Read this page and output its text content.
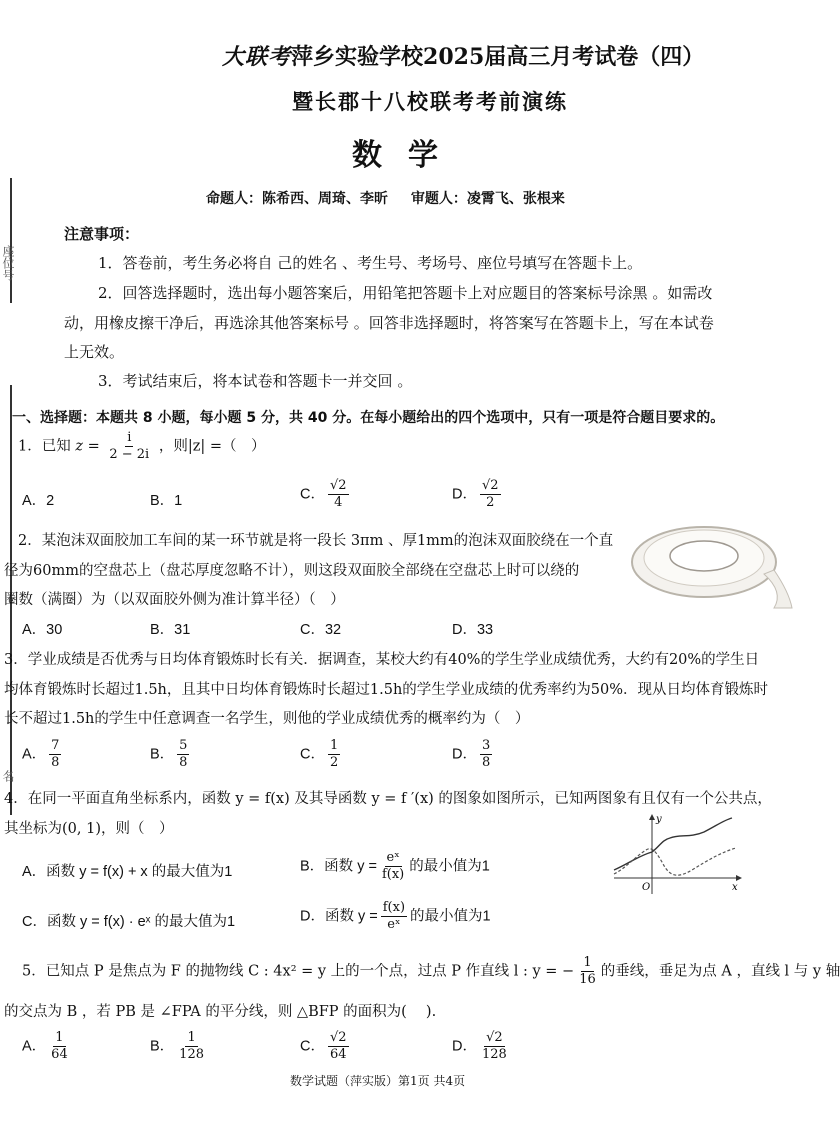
座位号
名
大联考萍乡实验学校2025届高三月考试卷（四）
暨长郡十八校联考考前演练
数学
命题人：陈希西、周琦、李昕　 审题人：凌霄飞、张根来
注意事项：
1．答卷前，考生务必将自 己的姓名 、考生号、考场号、座位号填写在答题卡上。
2．回答选择题时，选出每小题答案后，用铅笔把答题卡上对应题目的答案标号涂黑 。如需改
动，用橡皮擦干净后，再选涂其他答案标号 。回答非选择题时，将答案写在答题卡上，写在本试卷
上无效。
3．考试结束后，将本试卷和答题卡一并交回 。
一、选择题：本题共 8 小题，每小题 5 分，共 40 分。在每小题给出的四个选项中，只有一项是符合题目要求的。
1．已知 $z = \frac{i}{2 - 2i}$ ，则|z| =（　）
A．2	B．1	C． $\frac{√2}{4}$	D． $\frac{√2}{2}$
2．某泡沫双面胶加工车间的某一环节就是将一段长 3πm 、厚1mm的泡沫双面胶绕在一个直
径为60mm的空盘芯上（盘芯厚度忽略不计），则这段双面胶全部绕在空盘芯上时可以绕的
圈数（满圈）为（以双面胶外侧为准计算半径）（　）
A．30	B．31	C．32	D．33
3．学业成绩是否优秀与日均体育锻炼时长有关．据调查，某校大约有40%的学生学业成绩优秀，大约有20%的学生日
均体育锻炼时长超过1.5h，且其中日均体育锻炼时长超过1.5h的学生学业成绩的优秀率约为50%．现从日均体育锻炼时
长不超过1.5h的学生中任意调查一名学生，则他的学业成绩优秀的概率约为（　）
A． $\frac{7}{8}$	B． $\frac{5}{8}$	C． $\frac{1}{2}$	D． $\frac{3}{8}$
4．在同一平面直角坐标系内，函数 y = f(x) 及其导函数 y = f ′(x) 的图象如图所示，已知两图象有且仅有一个公共点，
其坐标为(0, 1)，则（　）
A．函数 y = f(x) + x 的最大值为1	B．函数 $y = \frac{\text{eˣ}}{f(x)}$ 的最小值为1
C．函数 y = f(x) · eˣ 的最大值为1	D．函数 $y = \frac{f(x)}{\text{eˣ}}$ 的最小值为1
y
x
O
5．已知点 P 是焦点为 F 的抛物线 C : 4x² = y 上的一个点，过点 P 作直线 l : y = − $\frac{1}{16}$ 的垂线，垂足为点 A ，直线 l 与 y 轴
的交点为 B ，若 PB 是 ∠FPA 的平分线，则 △BFP 的面积为(　 ).
A． $\frac{1}{64}$	B． $\frac{1}{128}$	C． $\frac{√2}{64}$	D． $\frac{√2}{128}$
数学试题（萍实版）第1页 共4页
